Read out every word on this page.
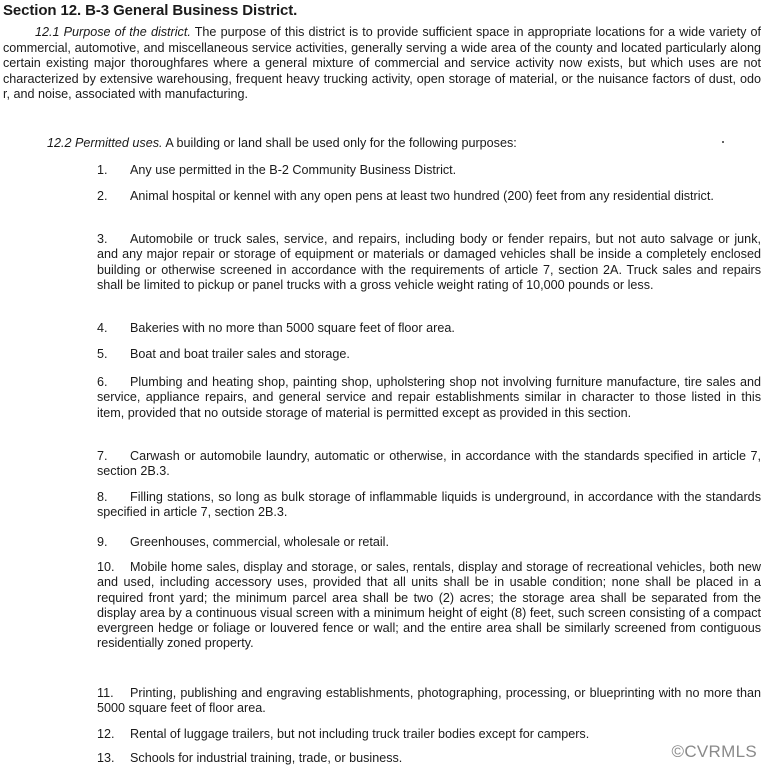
Section 12. B-3 General Business District.

12.1 Purpose of the district. The purpose of this district is to provide sufficient space in appropriate locations for a wide variety of commercial, automotive, and miscellaneous service activities, generally serving a wide area of the county and located particularly along certain existing major thoroughfares where a general mixture of commercial and service activity now exists, but which uses are not characterized by extensive warehousing, frequent heavy trucking activity, open storage of material, or the nuisance factors of dust, odo r, and noise, associated with manufacturing.

12.2 Permitted uses. A building or land shall be used only for the following purposes:

1. Any use permitted in the B-2 Community Business District.
2. Animal hospital or kennel with any open pens at least two hundred (200) feet from any residential district.
3. Automobile or truck sales, service, and repairs, including body or fender repairs, but not auto salvage or junk, and any major repair or storage of equipment or materials or damaged vehicles shall be inside a completely enclosed building or otherwise screened in accordance with the requirements of article 7, section 2A. Truck sales and repairs shall be limited to pickup or panel trucks with a gross vehicle weight rating of 10,000 pounds or less.
4. Bakeries with no more than 5000 square feet of floor area.
5. Boat and boat trailer sales and storage.
6. Plumbing and heating shop, painting shop, upholstering shop not involving furniture manufacture, tire sales and service, appliance repairs, and general service and repair establishments similar in character to those listed in this item, provided that no outside storage of material is permitted except as provided in this section.
7. Carwash or automobile laundry, automatic or otherwise, in accordance with the standards specified in article 7, section 2B.3.
8. Filling stations, so long as bulk storage of inflammable liquids is underground, in accordance with the standards specified in article 7, section 2B.3.
9. Greenhouses, commercial, wholesale or retail.
10. Mobile home sales, display and storage, or sales, rentals, display and storage of recreational vehicles, both new and used, including accessory uses, provided that all units shall be in usable condition; none shall be placed in a required front yard; the minimum parcel area shall be two (2) acres; the storage area shall be separated from the display area by a continuous visual screen with a minimum height of eight (8) feet, such screen consisting of a compact evergreen hedge or foliage or louvered fence or wall; and the entire area shall be similarly screened from contiguous residentially zoned property.
11. Printing, publishing and engraving establishments, photographing, processing, or blueprinting with no more than 5000 square feet of floor area.
12. Rental of luggage trailers, but not including truck trailer bodies except for campers.
13. Schools for industrial training, trade, or business.	©CVRMLS
